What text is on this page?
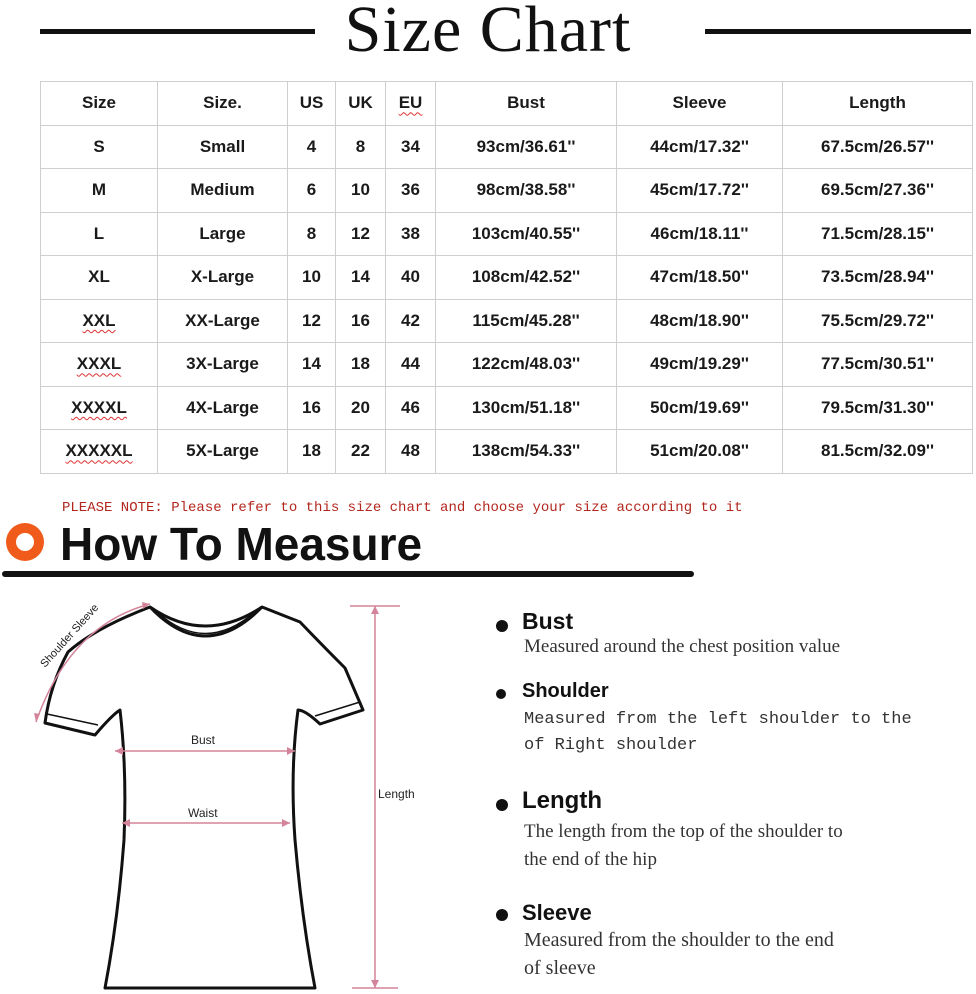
Size Chart
Size	Size.	US	UK	EU	Bust	Sleeve	Length
S	Small	4	8	34	93cm/36.61''	44cm/17.32''	67.5cm/26.57''
M	Medium	6	10	36	98cm/38.58''	45cm/17.72''	69.5cm/27.36''
L	Large	8	12	38	103cm/40.55''	46cm/18.11''	71.5cm/28.15''
XL	X-Large	10	14	40	108cm/42.52''	47cm/18.50''	73.5cm/28.94''
XXL	XX-Large	12	16	42	115cm/45.28''	48cm/18.90''	75.5cm/29.72''
XXXL	3X-Large	14	18	44	122cm/48.03''	49cm/19.29''	77.5cm/30.51''
XXXXL	4X-Large	16	20	46	130cm/51.18''	50cm/19.69''	79.5cm/31.30''
XXXXXL	5X-Large	18	22	48	138cm/54.33''	51cm/20.08''	81.5cm/32.09''
PLEASE NOTE: Please refer to this size chart and choose your size according to it
How To Measure
Shoulder Sleeve
Bust
Waist
Length
Bust
Measured around the chest position value
Shoulder
Measured from the left shoulder to the
of Right shoulder
Length
The length from the top of the shoulder to
the end of the hip
Sleeve
Measured from the shoulder to the end
of sleeve
